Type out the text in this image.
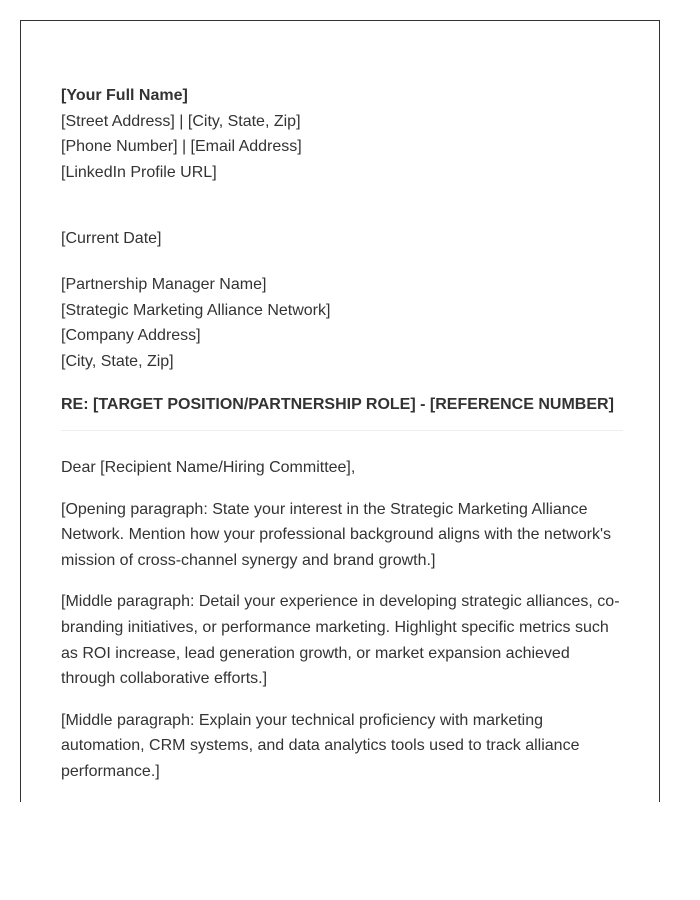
[Your Full Name]
[Street Address] | [City, State, Zip]
[Phone Number] | [Email Address]
[LinkedIn Profile URL]
[Current Date]
[Partnership Manager Name]
[Strategic Marketing Alliance Network]
[Company Address]
[City, State, Zip]
RE: [TARGET POSITION/PARTNERSHIP ROLE] - [REFERENCE NUMBER]
Dear [Recipient Name/Hiring Committee],

[Opening paragraph: State your interest in the Strategic Marketing Alliance Network. Mention how your professional background aligns with the network's mission of cross-channel synergy and brand growth.]

[Middle paragraph: Detail your experience in developing strategic alliances, co-branding initiatives, or performance marketing. Highlight specific metrics such as ROI increase, lead generation growth, or market expansion achieved through collaborative efforts.]

[Middle paragraph: Explain your technical proficiency with marketing automation, CRM systems, and data analytics tools used to track alliance performance.]
